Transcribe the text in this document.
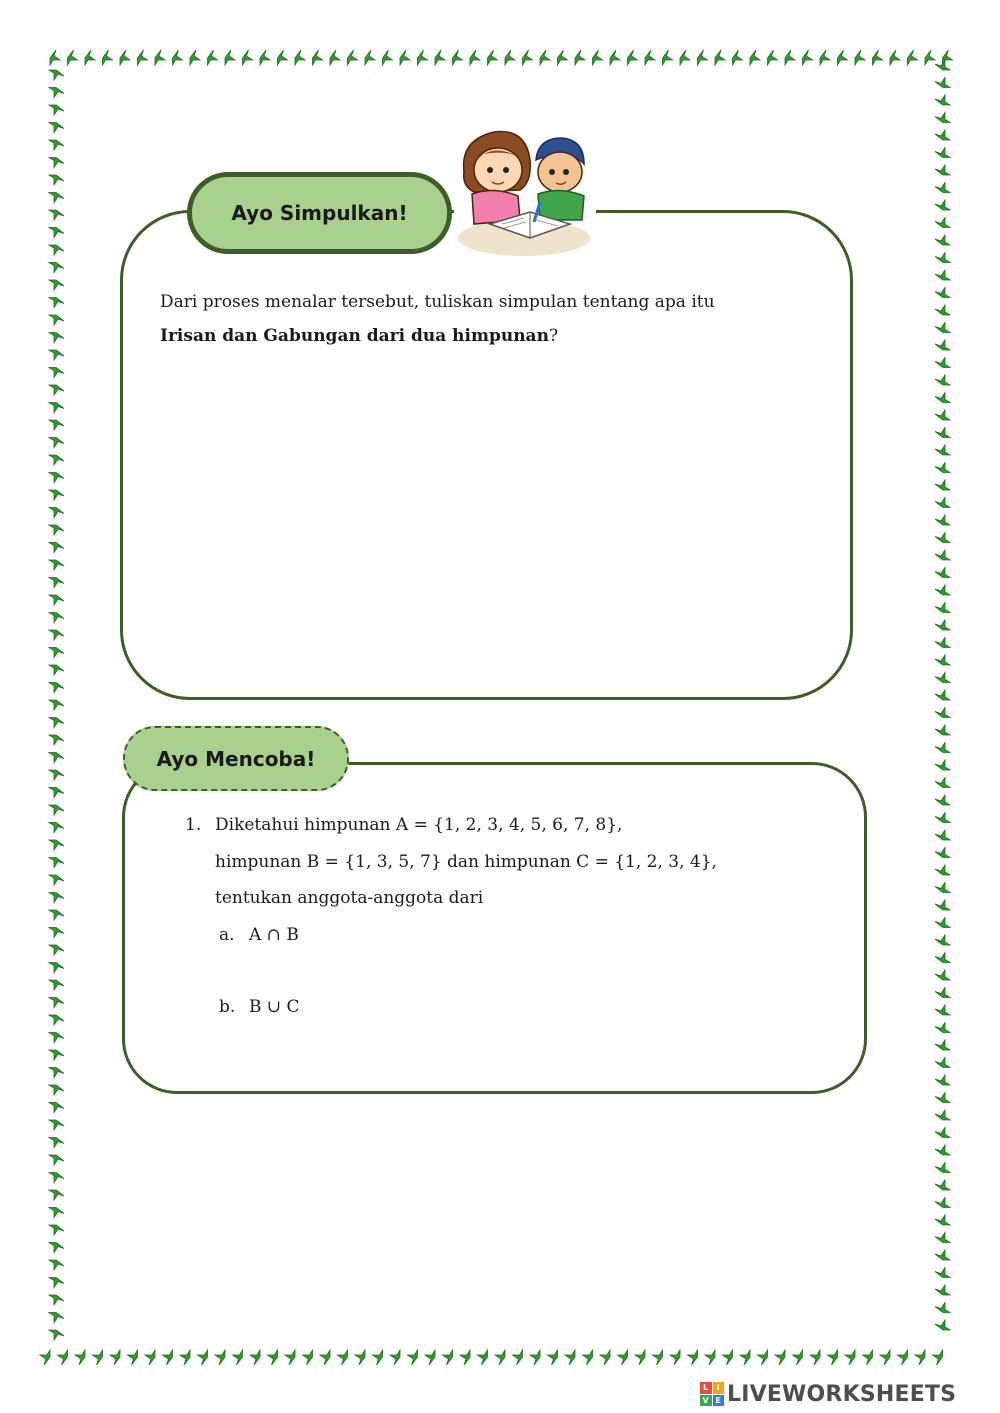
Dari proses menalar tersebut, tuliskan simpulan tentang apa itu
Irisan dan Gabungan dari dua himpunan?
Ayo Simpulkan!
Ayo Mencoba!
1. Diketahui himpunan A = {1, 2, 3, 4, 5, 6, 7, 8},
himpunan B = {1, 3, 5, 7} dan himpunan C = {1, 2, 3, 4},
tentukan anggota-anggota dari
a. A ∩ B
b. B ∪ C
L	I
V E LIVEWORKSHEETS
